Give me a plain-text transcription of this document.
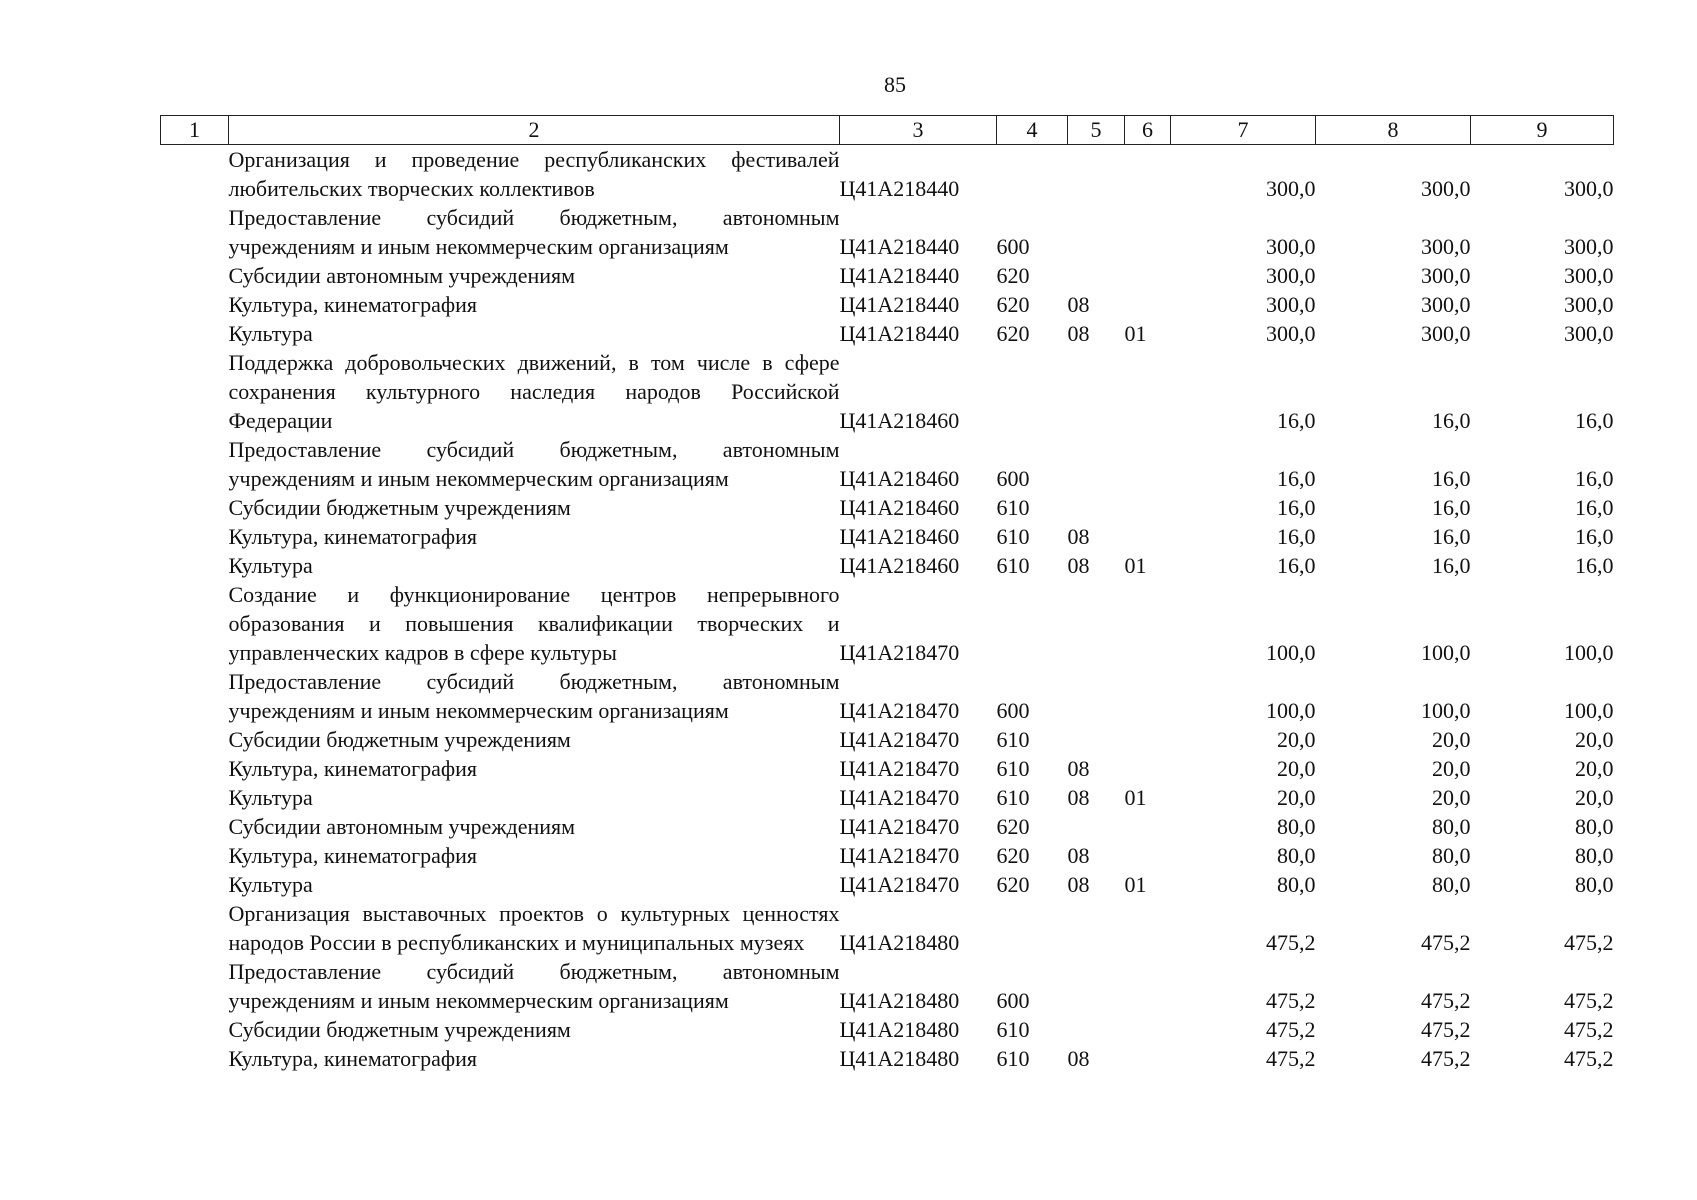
85
1	2	3	4	5	6	7	8	9
	Организация и проведение республиканских фестивалей любительских творческих коллективов	Ц41А218440				300,0	300,0	300,0
	Предоставление субсидий бюджетным, автономным учреждениям и иным некоммерческим организациям	Ц41А218440	600			300,0	300,0	300,0
	Субсидии автономным учреждениям	Ц41А218440	620			300,0	300,0	300,0
	Культура, кинематография	Ц41А218440	620	08		300,0	300,0	300,0
	Культура	Ц41А218440	620	08	01	300,0	300,0	300,0
	Поддержка добровольческих движений, в том числе в сфере сохранения культурного наследия народов Российской Федерации	Ц41А218460				16,0	16,0	16,0
	Предоставление субсидий бюджетным, автономным учреждениям и иным некоммерческим организациям	Ц41А218460	600			16,0	16,0	16,0
	Субсидии бюджетным учреждениям	Ц41А218460	610			16,0	16,0	16,0
	Культура, кинематография	Ц41А218460	610	08		16,0	16,0	16,0
	Культура	Ц41А218460	610	08	01	16,0	16,0	16,0
	Создание и функционирование центров непрерывного образования и повышения квалификации творческих и управленческих кадров в сфере культуры	Ц41А218470				100,0	100,0	100,0
	Предоставление субсидий бюджетным, автономным учреждениям и иным некоммерческим организациям	Ц41А218470	600			100,0	100,0	100,0
	Субсидии бюджетным учреждениям	Ц41А218470	610			20,0	20,0	20,0
	Культура, кинематография	Ц41А218470	610	08		20,0	20,0	20,0
	Культура	Ц41А218470	610	08	01	20,0	20,0	20,0
	Субсидии автономным учреждениям	Ц41А218470	620			80,0	80,0	80,0
	Культура, кинематография	Ц41А218470	620	08		80,0	80,0	80,0
	Культура	Ц41А218470	620	08	01	80,0	80,0	80,0
	Организация выставочных проектов о культурных ценностях народов России в республиканских и муниципальных музеях	Ц41А218480				475,2	475,2	475,2
	Предоставление субсидий бюджетным, автономным учреждениям и иным некоммерческим организациям	Ц41А218480	600			475,2	475,2	475,2
	Субсидии бюджетным учреждениям	Ц41А218480	610			475,2	475,2	475,2
	Культура, кинематография	Ц41А218480	610	08		475,2	475,2	475,2
